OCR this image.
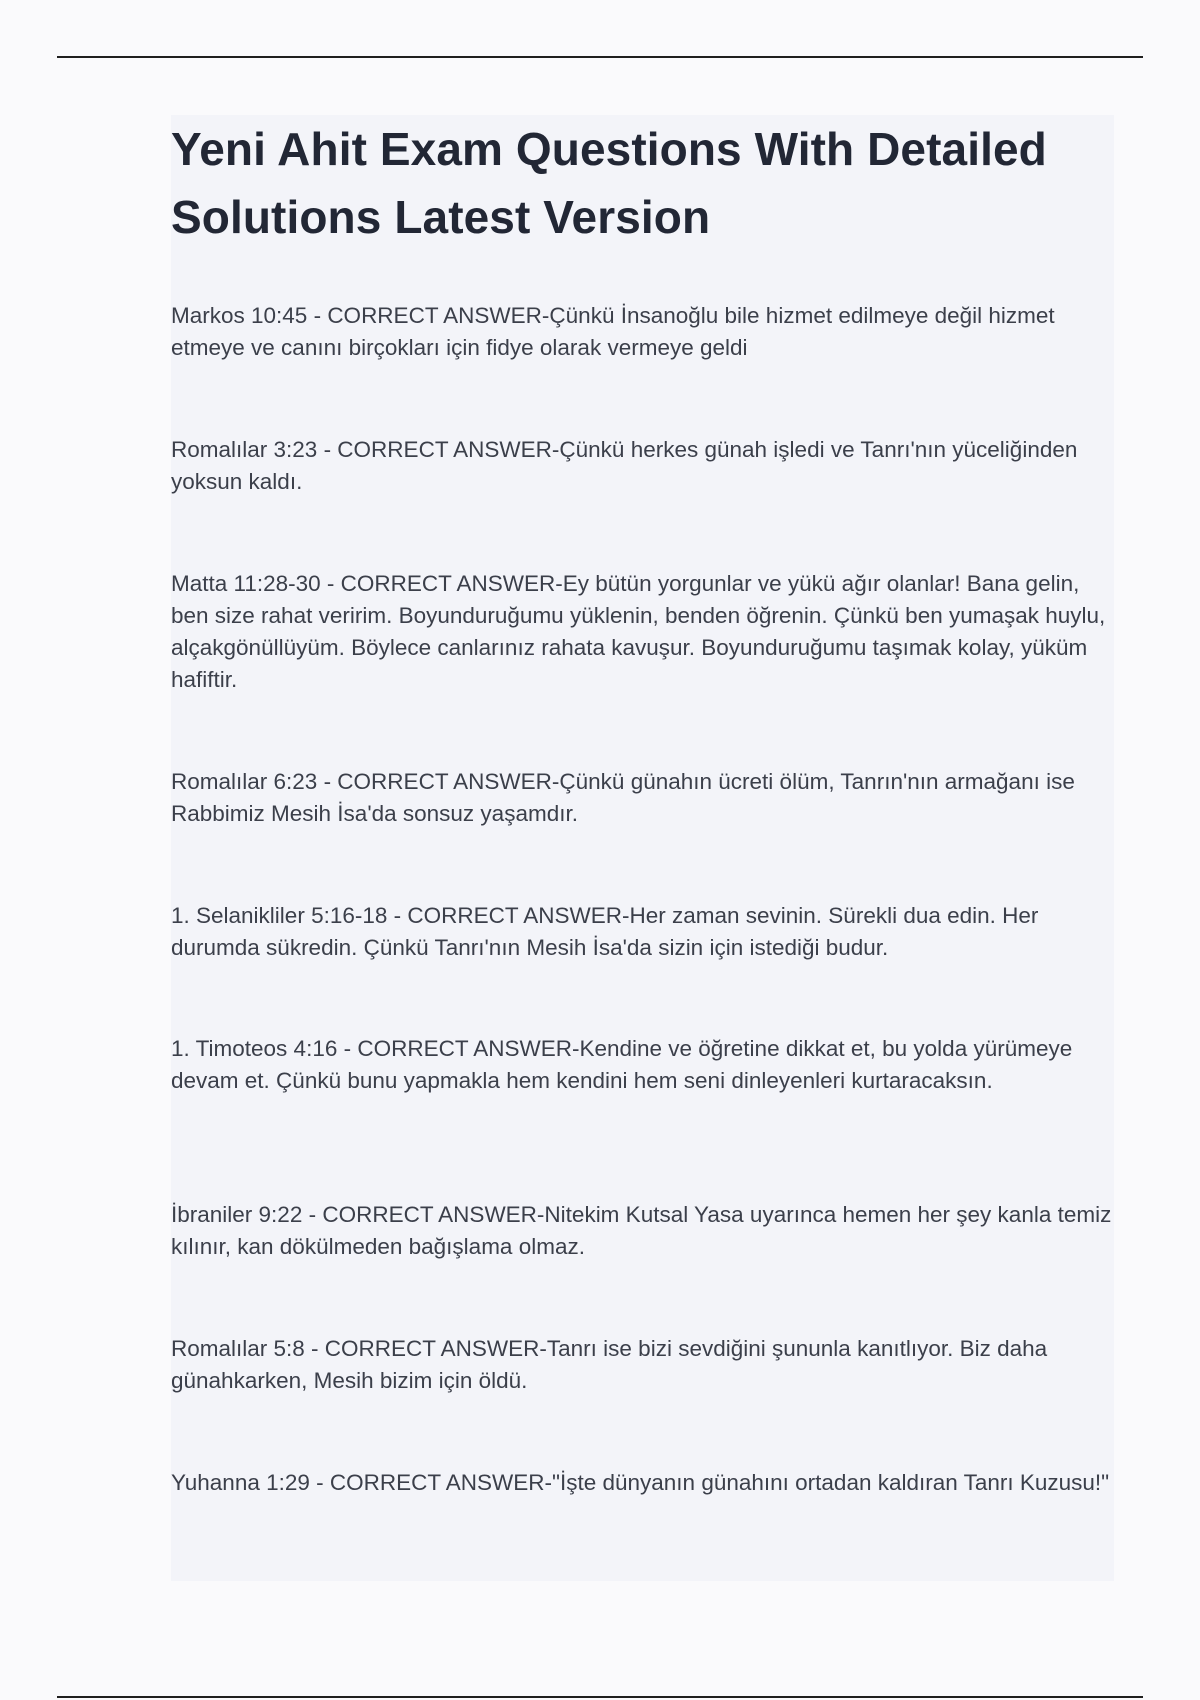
Yeni Ahit Exam Questions With Detailed Solutions Latest Version
Markos 10:45 - CORRECT ANSWER-Çünkü İnsanoğlu bile hizmet edilmeye değil hizmet etmeye ve canını birçokları için fidye olarak vermeye geldi
Romalılar 3:23 - CORRECT ANSWER-Çünkü herkes günah işledi ve Tanrı'nın yüceliğinden yoksun kaldı.
Matta 11:28-30 - CORRECT ANSWER-Ey bütün yorgunlar ve yükü ağır olanlar! Bana gelin, ben size rahat veririm. Boyunduruğumu yüklenin, benden öğrenin. Çünkü ben yumaşak huylu, alçakgönüllüyüm. Böylece canlarınız rahata kavuşur. Boyunduruğumu taşımak kolay, yüküm hafiftir.
Romalılar 6:23 - CORRECT ANSWER-Çünkü günahın ücreti ölüm, Tanrın'nın armağanı ise Rabbimiz Mesih İsa'da sonsuz yaşamdır.
1. Selanikliler 5:16-18 - CORRECT ANSWER-Her zaman sevinin. Sürekli dua edin. Her durumda sükredin. Çünkü Tanrı'nın Mesih İsa'da sizin için istediği budur.
1. Timoteos 4:16 - CORRECT ANSWER-Kendine ve öğretine dikkat et, bu yolda yürümeye devam et. Çünkü bunu yapmakla hem kendini hem seni dinleyenleri kurtaracaksın.
İbraniler 9:22 - CORRECT ANSWER-Nitekim Kutsal Yasa uyarınca hemen her şey kanla temiz kılınır, kan dökülmeden bağışlama olmaz.
Romalılar 5:8 - CORRECT ANSWER-Tanrı ise bizi sevdiğini şununla kanıtlıyor. Biz daha günahkarken, Mesih bizim için öldü.
Yuhanna 1:29 - CORRECT ANSWER-"İşte dünyanın günahını ortadan kaldıran Tanrı Kuzusu!"
